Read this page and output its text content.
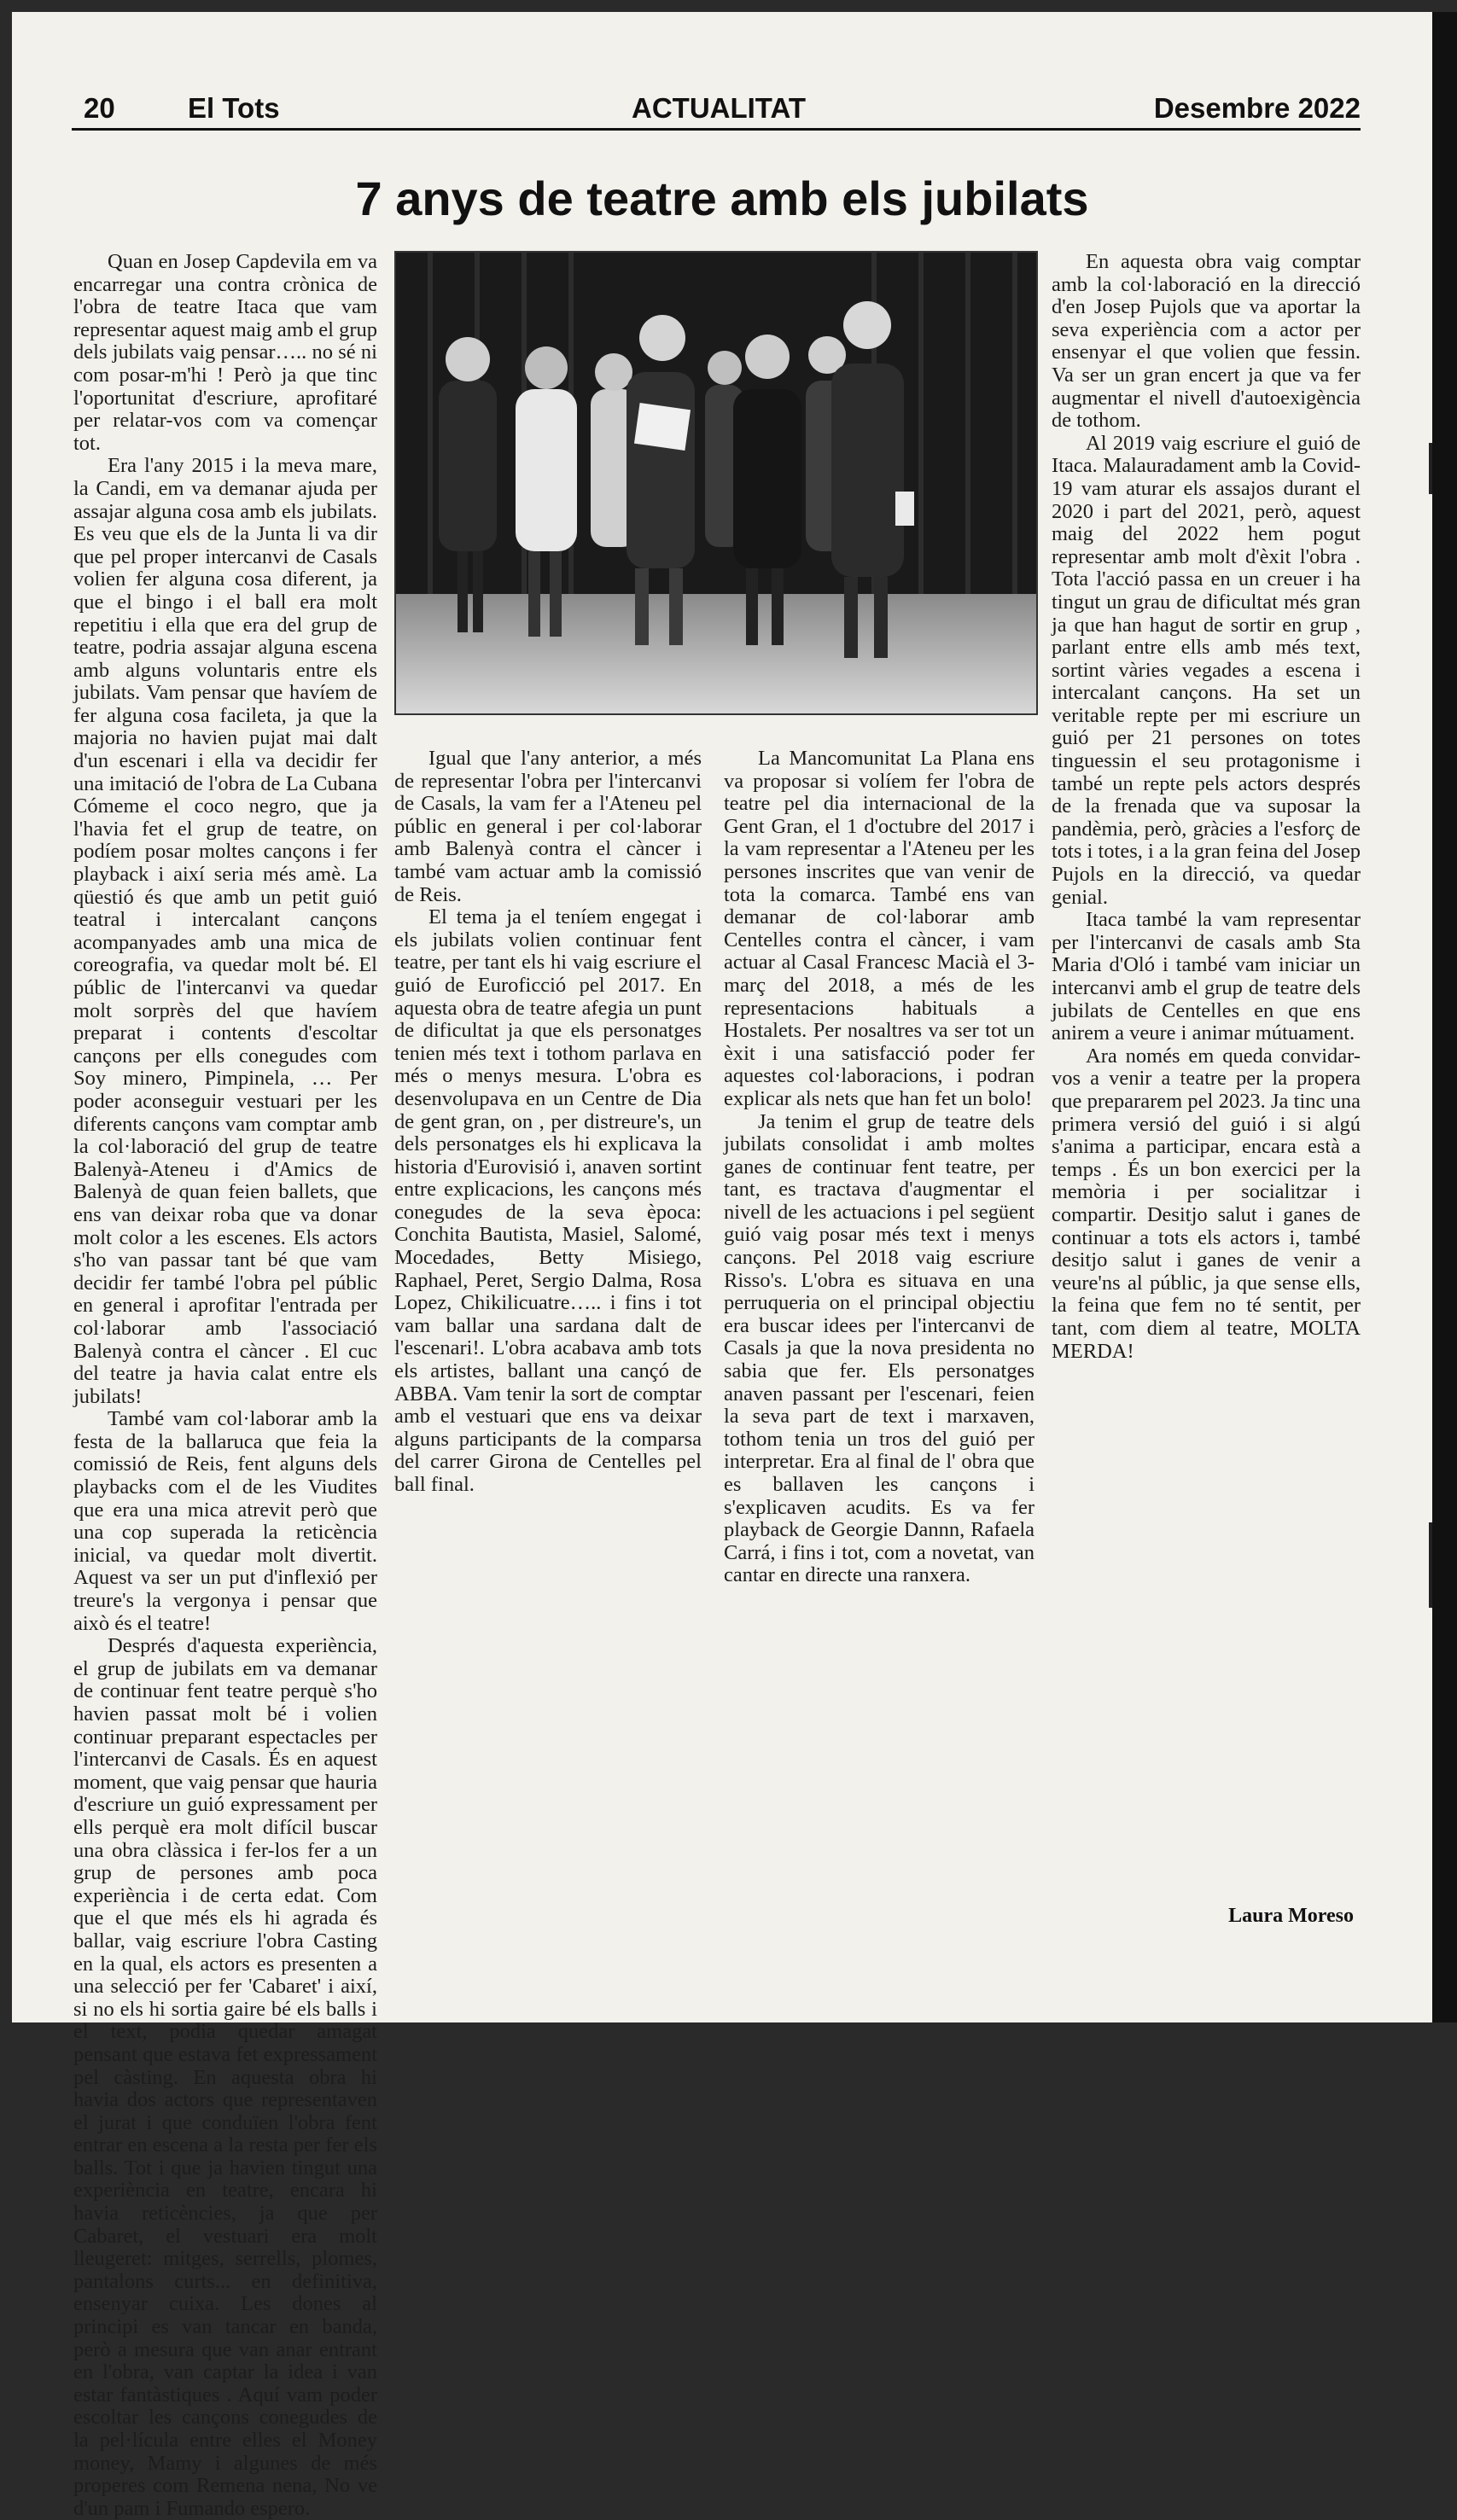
20	El Tots	ACTUALITAT	Desembre 2022
7 anys de teatre amb els jubilats

Quan en Josep Capdevila em va encarregar una contra crònica de l'obra de teatre Itaca que vam representar aquest maig amb el grup dels jubilats vaig pensar….. no sé ni com posar-m'hi ! Però ja que tinc l'oportunitat d'escriure, aprofitaré per relatar-vos com va començar tot.

Era l'any 2015 i la meva mare, la Candi, em va demanar ajuda per assajar alguna cosa amb els jubilats. Es veu que els de la Junta li va dir que pel proper intercanvi de Casals volien fer alguna cosa diferent, ja que el bingo i el ball era molt repetitiu i ella que era del grup de teatre, podria assajar alguna escena amb alguns voluntaris entre els jubilats. Vam pensar que havíem de fer alguna cosa facileta, ja que la majoria no havien pujat mai dalt d'un escenari i ella va decidir fer una imitació de l'obra de La Cubana Cómeme el coco negro, que ja l'havia fet el grup de teatre, on podíem posar moltes cançons i fer playback i així seria més amè. La qüestió és que amb un petit guió teatral i intercalant cançons acompanyades amb una mica de coreografia, va quedar molt bé. El públic de l'intercanvi va quedar molt sorprès del que havíem preparat i contents d'escoltar cançons per ells conegudes com Soy minero, Pimpinela, … Per poder aconseguir vestuari per les diferents cançons vam comptar amb la col·laboració del grup de teatre Balenyà-Ateneu i d'Amics de Balenyà de quan feien ballets, que ens van deixar roba que va donar molt color a les escenes. Els actors s'ho van passar tant bé que vam decidir fer també l'obra pel públic en general i aprofitar l'entrada per col·laborar amb l'associació Balenyà contra el càncer . El cuc del teatre ja havia calat entre els jubilats!

També vam col·laborar amb la festa de la ballaruca que feia la comissió de Reis, fent alguns dels playbacks com el de les Viudites que era una mica atrevit però que una cop superada la reticència inicial, va quedar molt divertit. Aquest va ser un put d'inflexió per treure's la vergonya i pensar que això és el teatre!

Després d'aquesta experiència, el grup de jubilats em va demanar de continuar fent teatre perquè s'ho havien passat molt bé i volien continuar preparant espectacles per l'intercanvi de Casals. És en aquest moment, que vaig pensar que hauria d'escriure un guió expressament per ells perquè era molt difícil buscar una obra clàssica i fer-los fer a un grup de persones amb poca experiència i de certa edat. Com que el que més els hi agrada és ballar, vaig escriure l'obra Casting en la qual, els actors es presenten a una selecció per fer 'Cabaret' i així, si no els hi sortia gaire bé els balls i el text, podia quedar amagat pensant que estava fet expressament pel càsting. En aquesta obra hi havia dos actors que representaven el jurat i que conduïen l'obra fent entrar en escena a la resta per fer els balls. Tot i que ja havien tingut una experiència en teatre, encara hi havia reticències, ja que per Cabaret, el vestuari era molt lleugeret: mitges, serrells, plomes, pantalons curts... en definitiva, ensenyar cuixa. Les dones al principi es van tancar en banda, però a mesura que van anar entrant en l'obra, van captar la idea i van estar fantàstiques . Aquí vam poder escoltar les cançons conegudes de la pel·lícula entre elles el Money money, Mamy i algunes de més properes com Remena nena, No ve d'un pam i Fumando espero.

Igual que l'any anterior, a més de representar l'obra per l'intercanvi de Casals, la vam fer a l'Ateneu pel públic en general i per col·laborar amb Balenyà contra el càncer i també vam actuar amb la comissió de Reis.

El tema ja el teníem engegat i els jubilats volien continuar fent teatre, per tant els hi vaig escriure el guió de Euroficció pel 2017. En aquesta obra de teatre afegia un punt de dificultat ja que els personatges tenien més text i tothom parlava en més o menys mesura. L'obra es desenvolupava en un Centre de Dia de gent gran, on , per distreure's, un dels personatges els hi explicava la historia d'Eurovisió i, anaven sortint entre explicacions, les cançons més conegudes de la seva època: Conchita Bautista, Masiel, Salomé, Mocedades, Betty Misiego, Raphael, Peret, Sergio Dalma, Rosa Lopez, Chikilicuatre….. i fins i tot vam ballar una sardana dalt de l'escenari!. L'obra acabava amb tots els artistes, ballant una cançó de ABBA. Vam tenir la sort de comptar amb el vestuari que ens va deixar alguns participants de la comparsa del carrer Girona de Centelles pel ball final.

La Mancomunitat La Plana ens va proposar si volíem fer l'obra de teatre pel dia internacional de la Gent Gran, el 1 d'octubre del 2017 i la vam representar a l'Ateneu per les persones inscrites que van venir de tota la comarca. També ens van demanar de col·laborar amb Centelles contra el càncer, i vam actuar al Casal Francesc Macià el 3-març del 2018, a més de les representacions habituals a Hostalets. Per nosaltres va ser tot un èxit i una satisfacció poder fer aquestes col·laboracions, i podran explicar als nets que han fet un bolo!

Ja tenim el grup de teatre dels jubilats consolidat i amb moltes ganes de continuar fent teatre, per tant, es tractava d'augmentar el nivell de les actuacions i pel següent guió vaig posar més text i menys cançons. Pel 2018 vaig escriure Risso's. L'obra es situava en una perruqueria on el principal objectiu era buscar idees per l'intercanvi de Casals ja que la nova presidenta no sabia que fer. Els personatges anaven passant per l'escenari, feien la seva part de text i marxaven, tothom tenia un tros del guió per interpretar. Era al final de l' obra que es ballaven les cançons i s'explicaven acudits. Es va fer playback de Georgie Dannn, Rafaela Carrá, i fins i tot, com a novetat, van cantar en directe una ranxera.

En aquesta obra vaig comptar amb la col·laboració en la direcció d'en Josep Pujols que va aportar la seva experiència com a actor per ensenyar el que volien que fessin. Va ser un gran encert ja que va fer augmentar el nivell d'autoexigència de tothom.

Al 2019 vaig escriure el guió de Itaca. Malauradament amb la Covid-19 vam aturar els assajos durant el 2020 i part del 2021, però, aquest maig del 2022 hem pogut representar amb molt d'èxit l'obra . Tota l'acció passa en un creuer i ha tingut un grau de dificultat més gran ja que han hagut de sortir en grup , parlant entre ells amb més text, sortint vàries vegades a escena i intercalant cançons. Ha set un veritable repte per mi escriure un guió per 21 persones on totes tinguessin el seu protagonisme i també un repte pels actors després de la frenada que va suposar la pandèmia, però, gràcies a l'esforç de tots i totes, i a la gran feina del Josep Pujols en la direcció, va quedar genial.

Itaca també la vam representar per l'intercanvi de casals amb Sta Maria d'Oló i també vam iniciar un intercanvi amb el grup de teatre dels jubilats de Centelles en que ens anirem a veure i animar mútuament.

Ara només em queda convidar-vos a venir a teatre per la propera que prepararem pel 2023. Ja tinc una primera versió del guió i si algú s'anima a participar, encara està a temps . És un bon exercici per la memòria i per socialitzar i compartir. Desitjo salut i ganes de continuar a tots els actors i, també desitjo salut i ganes de venir a veure'ns al públic, ja que sense ells, la feina que fem no té sentit, per tant, com diem al teatre, MOLTA MERDA!

Laura Moreso
